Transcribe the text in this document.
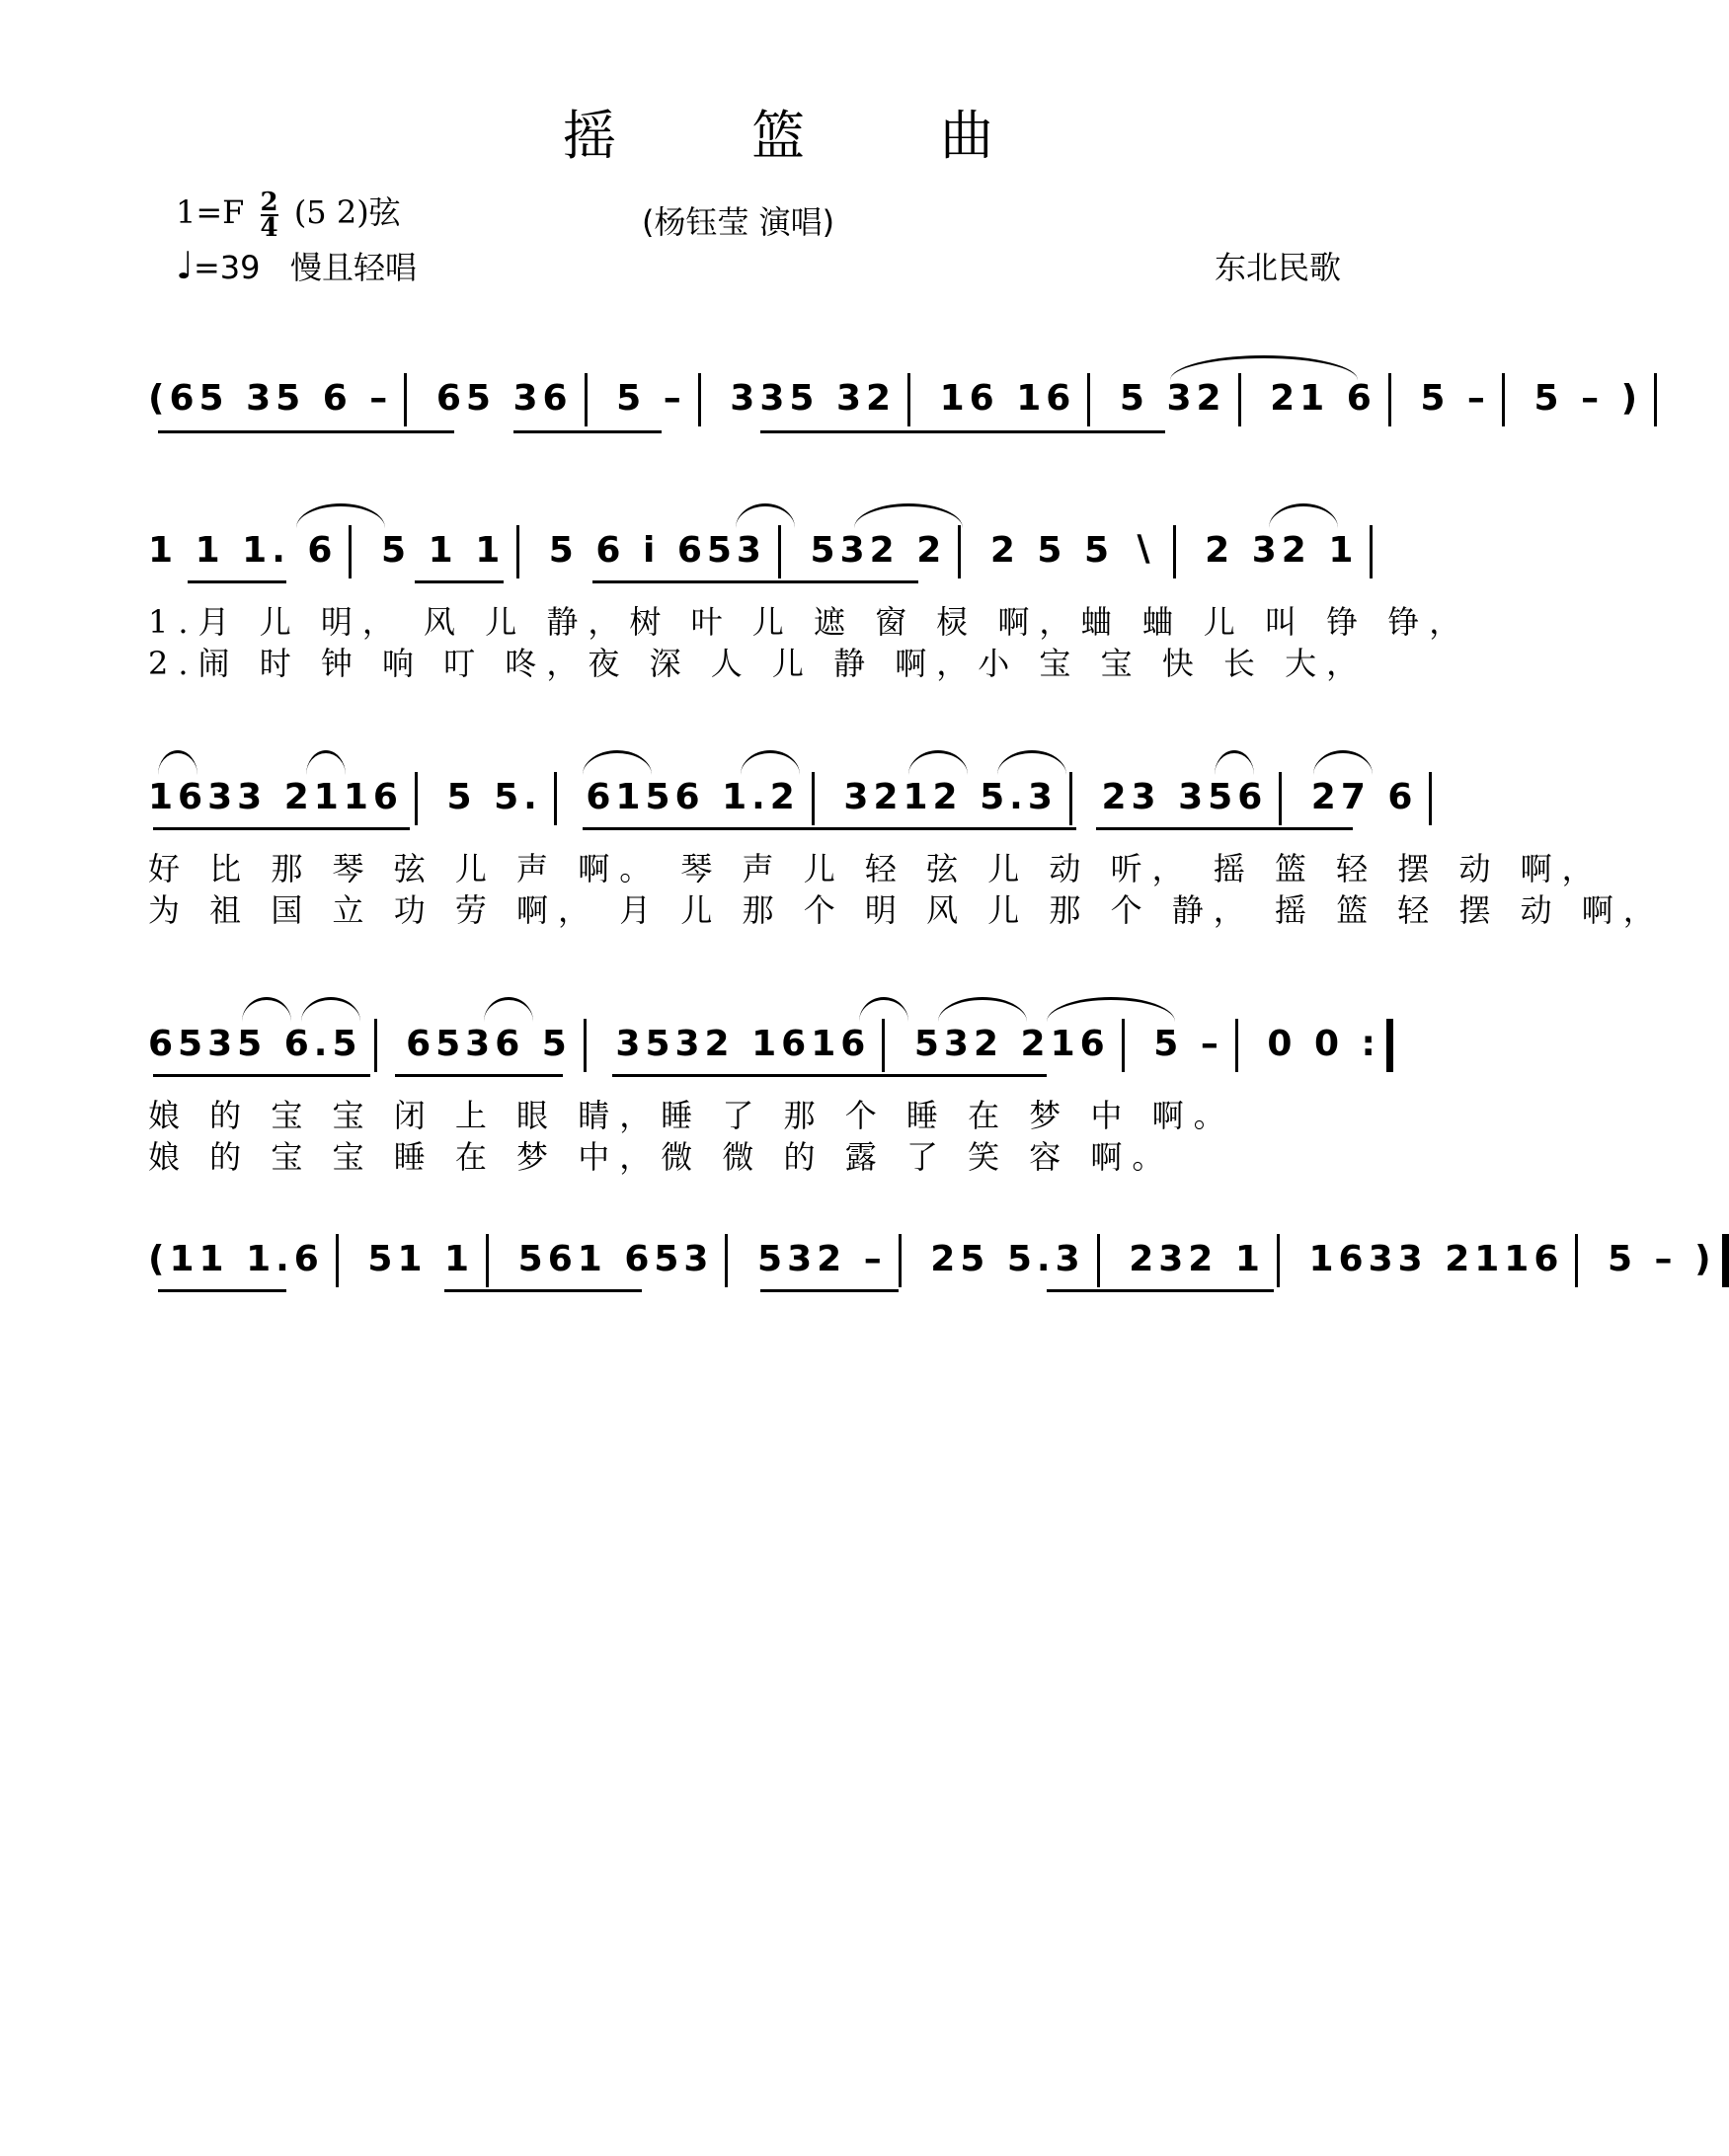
摇 篮 曲
$1=F \frac{2}{4} (5$ 2)弦
♩=39 慢且轻唱
(杨钰莹 演唱)
东北民歌
(65 35 6 – 65 36 5 – 335 32 16 16 5 32 21 6 5 – 5 – )
1 1 1. 6 5 1 1 5 6 i 653 532 2 2 5 5 ∖ 2 32 1
1.月 儿 明， 风 儿 静，树 叶 儿 遮 窗 棂 啊，蛐 蛐 儿 叫 铮 铮，
2.闹 时 钟 响 叮 咚，夜 深 人 儿 静 啊，小 宝 宝 快 长 大，
1633 2116 5 5. 6156 1.2 3212 5.3 23 356 27 6
好 比 那 琴 弦 儿 声 啊。 琴 声 儿 轻 弦 儿 动 听， 摇 篮 轻 摆 动 啊，
为 祖 国 立 功 劳 啊， 月 儿 那 个 明 风 儿 那 个 静， 摇 篮 轻 摆 动 啊，
6535 6.5 6536 5 3532 1616 532 216 5 – 0 0 :
娘 的 宝 宝 闭 上 眼 睛，睡 了 那 个 睡 在 梦 中 啊。
娘 的 宝 宝 睡 在 梦 中，微 微 的 露 了 笑 容 啊。
(11 1.6 51 1 561 653 532 – 25 5.3 232 1 1633 2116 5 – )
